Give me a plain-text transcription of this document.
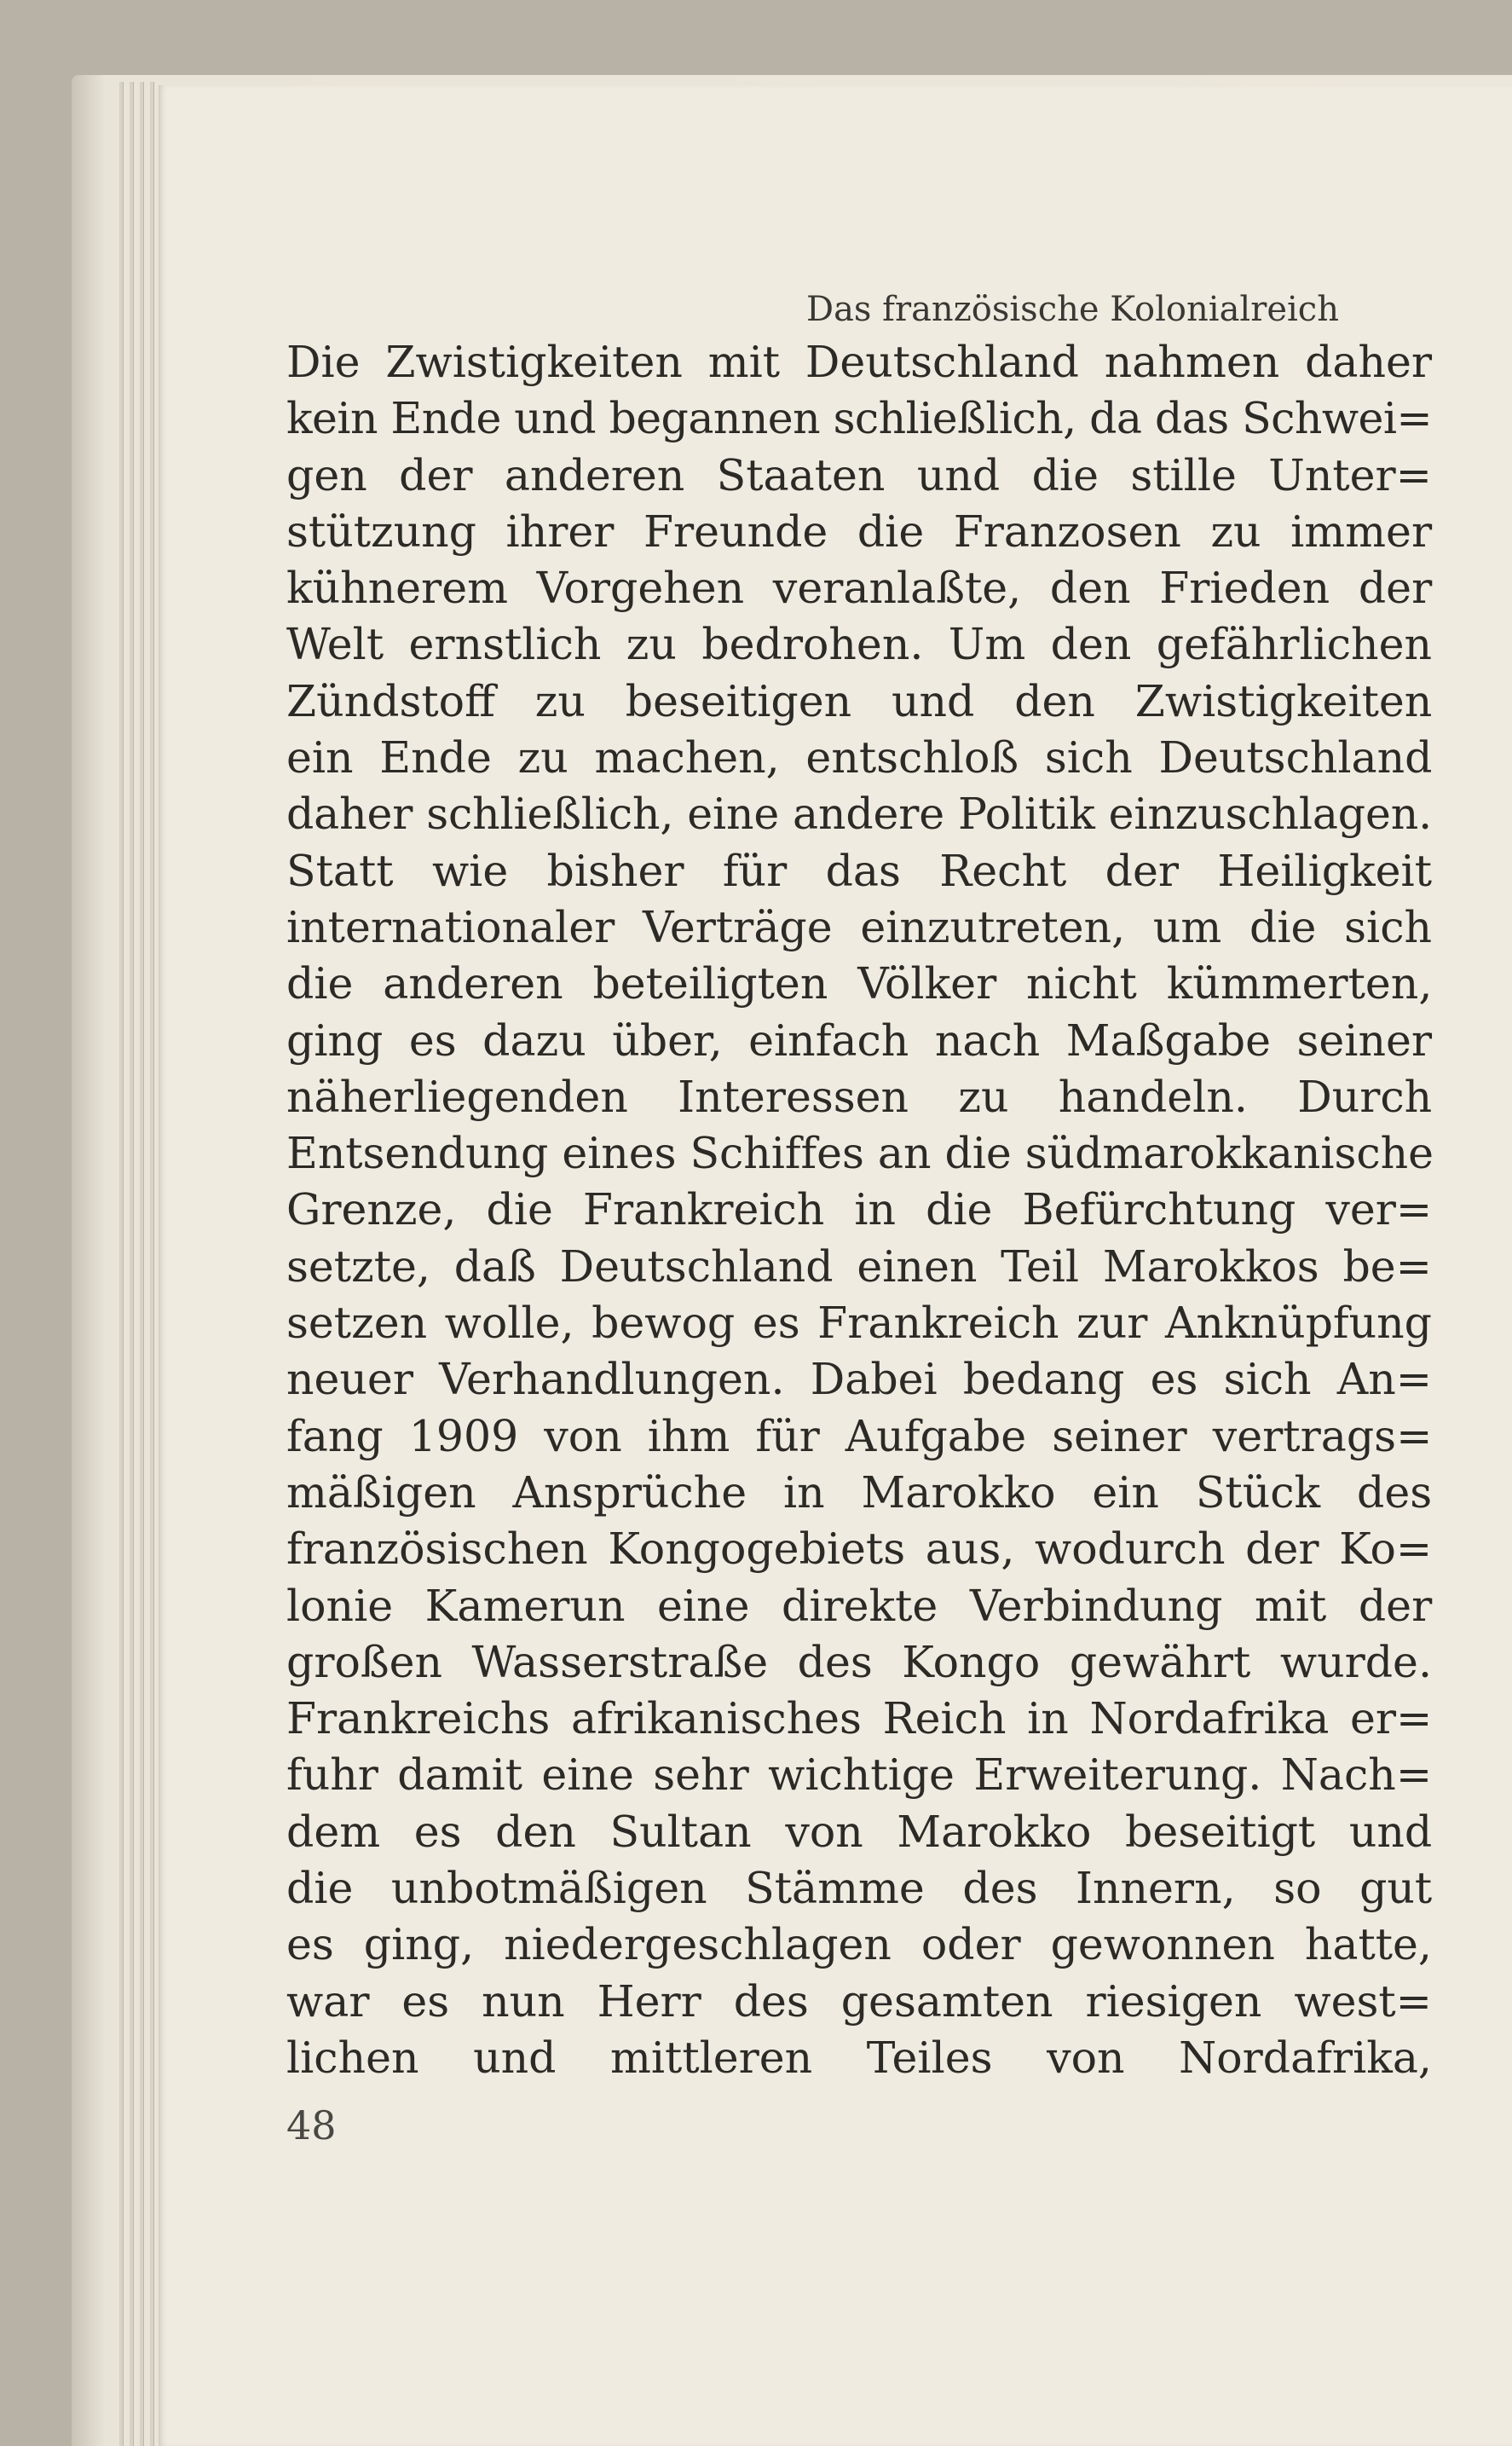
Das französische Kolonialreich
Die Zwistigkeiten mit Deutschland nahmen daher
kein Ende und begannen schließlich, da das Schwei=
gen der anderen Staaten und die stille Unter=
stützung ihrer Freunde die Franzosen zu immer
kühnerem Vorgehen veranlaßte, den Frieden der
Welt ernstlich zu bedrohen. Um den gefährlichen
Zündstoff zu beseitigen und den Zwistigkeiten
ein Ende zu machen, entschloß sich Deutschland
daher schließlich, eine andere Politik einzuschlagen.
Statt wie bisher für das Recht der Heiligkeit
internationaler Verträge einzutreten, um die sich
die anderen beteiligten Völker nicht kümmerten,
ging es dazu über, einfach nach Maßgabe seiner
näherliegenden Interessen zu handeln. Durch
Entsendung eines Schiffes an die südmarokkanische
Grenze, die Frankreich in die Befürchtung ver=
setzte, daß Deutschland einen Teil Marokkos be=
setzen wolle, bewog es Frankreich zur Anknüpfung
neuer Verhandlungen. Dabei bedang es sich An=
fang 1909 von ihm für Aufgabe seiner vertrags=
mäßigen Ansprüche in Marokko ein Stück des
französischen Kongogebiets aus, wodurch der Ko=
lonie Kamerun eine direkte Verbindung mit der
großen Wasserstraße des Kongo gewährt wurde.
Frankreichs afrikanisches Reich in Nordafrika er=
fuhr damit eine sehr wichtige Erweiterung. Nach=
dem es den Sultan von Marokko beseitigt und
die unbotmäßigen Stämme des Innern, so gut
es ging, niedergeschlagen oder gewonnen hatte,
war es nun Herr des gesamten riesigen west=
lichen und mittleren Teiles von Nordafrika,
48
